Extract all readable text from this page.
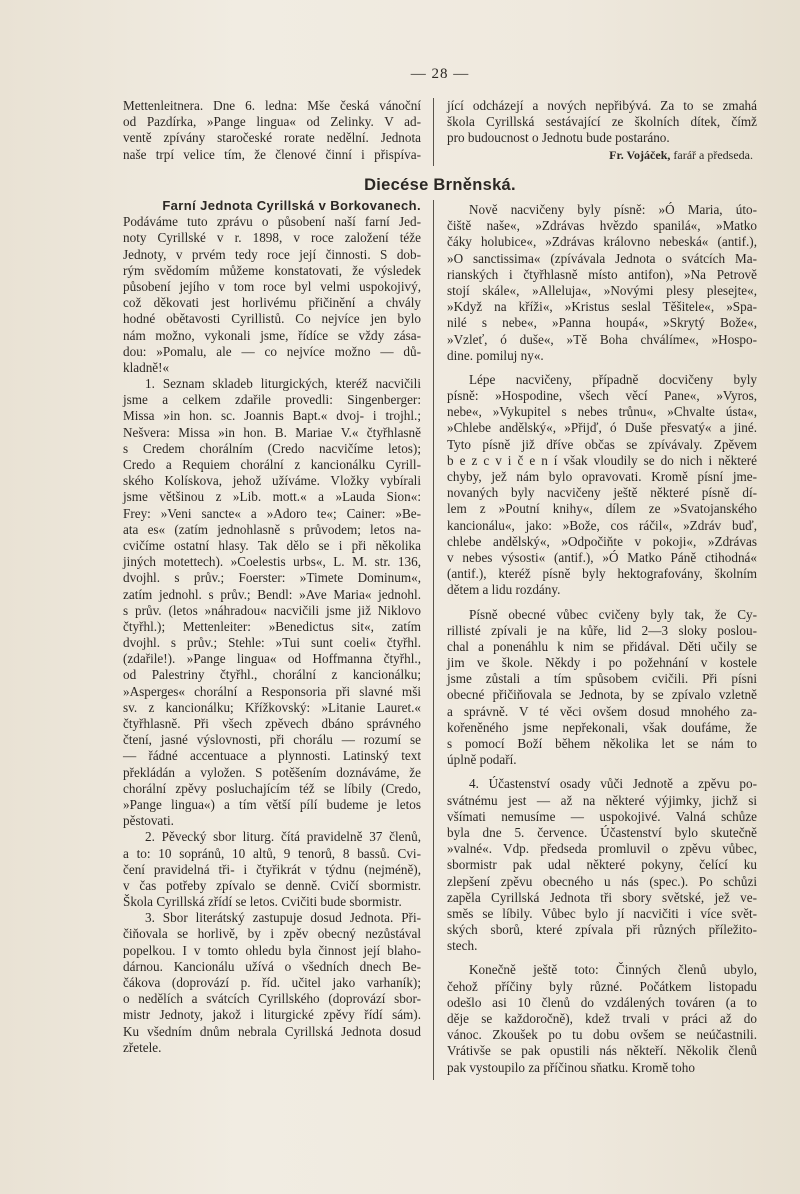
— 28 —
Mettenleitnera. Dne 6. ledna: Mše česká vánoční
od Pazdírka, »Pange lingua« od Zelinky. V ad-
ventě zpívány staročeské rorate nedělní. Jednota
naše trpí velice tím, že členové činní i přispíva-
jící odcházejí a nových nepřibývá. Za to se zmahá
škola Cyrillská sestávající ze školních dítek, čímž
pro budoucnost o Jednotu bude postaráno.
Fr. Vojáček, farář a předseda.
Diecése Brněnská.
Farní Jednota Cyrillská v Borkovanech.
Podáváme tuto zprávu o působení naší farní Jed-
noty Cyrillské v r. 1898, v roce založení téže
Jednoty, v prvém tedy roce její činnosti. S dob-
rým svědomím můžeme konstatovati, že výsledek
působení jejího v tom roce byl velmi uspokojivý,
což děkovati jest horlivému přičinění a chvály
hodné obětavosti Cyrillistů. Co nejvíce jen bylo
nám možno, vykonali jsme, řídíce se vždy zása-
dou: »Pomalu, ale — co nejvíce možno — dů-
kladně!«
1. Seznam skladeb liturgických, kteréž nacvičili
jsme a celkem zdařile provedli: Singenberger:
Missa »in hon. sc. Joannis Bapt.« dvoj- i trojhl.;
Nešvera: Missa »in hon. B. Mariae V.« čtyřhlasně
s Credem chorálním (Credo nacvičíme letos);
Credo a Requiem chorální z kancionálku Cyrill-
ského Kolískova, jehož užíváme. Vložky vybírali
jsme většinou z »Lib. mott.« a »Lauda Sion«:
Frey: »Veni sancte« a »Adoro te«; Cainer: »Be-
ata es« (zatím jednohlasně s průvodem; letos na-
cvičíme ostatní hlasy. Tak dělo se i při několika
jiných motettech). »Coelestis urbs«, L. M. str. 136,
dvojhl. s prův.; Foerster: »Timete Dominum«,
zatím jednohl. s prův.; Bendl: »Ave Maria« jednohl.
s prův. (letos »náhradou« nacvičili jsme již Niklovo
čtyřhl.); Mettenleiter: »Benedictus sit«, zatím
dvojhl. s prův.; Stehle: »Tui sunt coeli« čtyřhl.
(zdařile!). »Pange lingua« od Hoffmanna čtyřhl.,
od Palestriny čtyřhl., chorální z kancionálku;
»Asperges« chorální a Responsoria při slavné mši
sv. z kancionálku; Křížkovský: »Litanie Lauret.«
čtyřhlasně. Při všech zpěvech dbáno správného
čtení, jasné výslovnosti, při chorálu — rozumí se
— řádné accentuace a plynnosti. Latinský text
překládán a vyložen. S potěšením doznáváme, že
chorální zpěvy posluchajícím též se líbily (Credo,
»Pange lingua«) a tím větší pílí budeme je letos
pěstovati.
2. Pěvecký sbor liturg. čítá pravidelně 37 členů,
a to: 10 sopránů, 10 altů, 9 tenorů, 8 bassů. Cvi-
čení pravidelná tři- i čtyřikrát v týdnu (nejméně),
v čas potřeby zpívalo se denně. Cvičí sbormistr.
Škola Cyrillská zřídí se letos. Cvičiti bude sbormistr.
3. Sbor literátský zastupuje dosud Jednota. Při-
čiňovala se horlivě, by i zpěv obecný nezůstával
popelkou. I v tomto ohledu byla činnost její blaho-
dárnou. Kancionálu užívá o všedních dnech Be-
čákova (doprovází p. říd. učitel jako varhaník);
o nedělích a svátcích Cyrillského (doprovází sbor-
mistr Jednoty, jakož i liturgické zpěvy řídí sám).
Ku všedním dnům nebrala Cyrillská Jednota dosud
zřetele.
Nově nacvičeny byly písně: »Ó Maria, úto-
čiště naše«, »Zdrávas hvězdo spanilá«, »Matko
čáky holubice«, »Zdrávas královno nebeská« (antif.),
»O sanctissima« (zpívávala Jednota o svátcích Ma-
rianských i čtyřhlasně místo antifon), »Na Petrově
stojí skále«, »Alleluja«, »Novými plesy plesejte«,
»Když na kříži«, »Kristus seslal Těšitele«, »Spa-
nilé s nebe«, »Panna houpá«, »Skrytý Bože«,
»Vzleť, ó duše«, »Tě Boha chválíme«, »Hospo-
dine. pomiluj ny«.
Lépe nacvičeny, případně docvičeny byly
písně: »Hospodine, všech věcí Pane«, »Vyros,
nebe«, »Vykupitel s nebes trůnu«, »Chvalte ústa«,
»Chlebe andělský«, »Přijď, ó Duše přesvatý« a jiné.
Tyto písně již dříve občas se zpívávaly. Zpěvem
b e z c v i č e n í však vloudily se do nich i některé
chyby, jež nám bylo opravovati. Kromě písní jme-
novaných byly nacvičeny ještě některé písně dí-
lem z »Poutní knihy«, dílem ze »Svatojanského
kancionálu«, jako: »Bože, cos ráčil«, »Zdráv buď,
chlebe andělský«, »Odpočiňte v pokoji«, »Zdrávas
v nebes výsosti« (antif.), »Ó Matko Páně ctihodná«
(antif.), kteréž písně byly hektografovány, školním
dětem a lidu rozdány.
Písně obecné vůbec cvičeny byly tak, že Cy-
rillisté zpívali je na kůře, lid 2—3 sloky poslou-
chal a ponenáhlu k nim se přidával. Děti učily se
jim ve škole. Někdy i po požehnání v kostele
jsme zůstali a tím spůsobem cvičili. Při písni
obecné přičiňovala se Jednota, by se zpívalo vzletně
a správně. V té věci ovšem dosud mnohého za-
kořeněného jsme nepřekonali, však doufáme, že
s pomocí Boží během několika let se nám to
úplně podaří.
4. Účastenství osady vůči Jednotě a zpěvu po-
svátnému jest — až na některé výjimky, jichž si
všímati nemusíme — uspokojivé. Valná schůze
byla dne 5. července. Účastenství bylo skutečně
»valné«. Vdp. předseda promluvil o zpěvu vůbec,
sbormistr pak udal některé pokyny, čelící ku
zlepšení zpěvu obecného u nás (spec.). Po schůzi
zapěla Cyrillská Jednota tři sbory světské, jež ve-
směs se líbily. Vůbec bylo jí nacvičiti i více svět-
ských sborů, které zpívala při různých příležito-
stech.
Konečně ještě toto: Činných členů ubylo,
čehož příčiny byly různé. Počátkem listopadu
odešlo asi 10 členů do vzdálených továren (a to
děje se každoročně), kdež trvali v práci až do
vánoc. Zkoušek po tu dobu ovšem se neúčastnili.
Vrátivše se pak opustili nás někteří. Několik členů
pak vystoupilo za příčinou sňatku. Kromě toho
